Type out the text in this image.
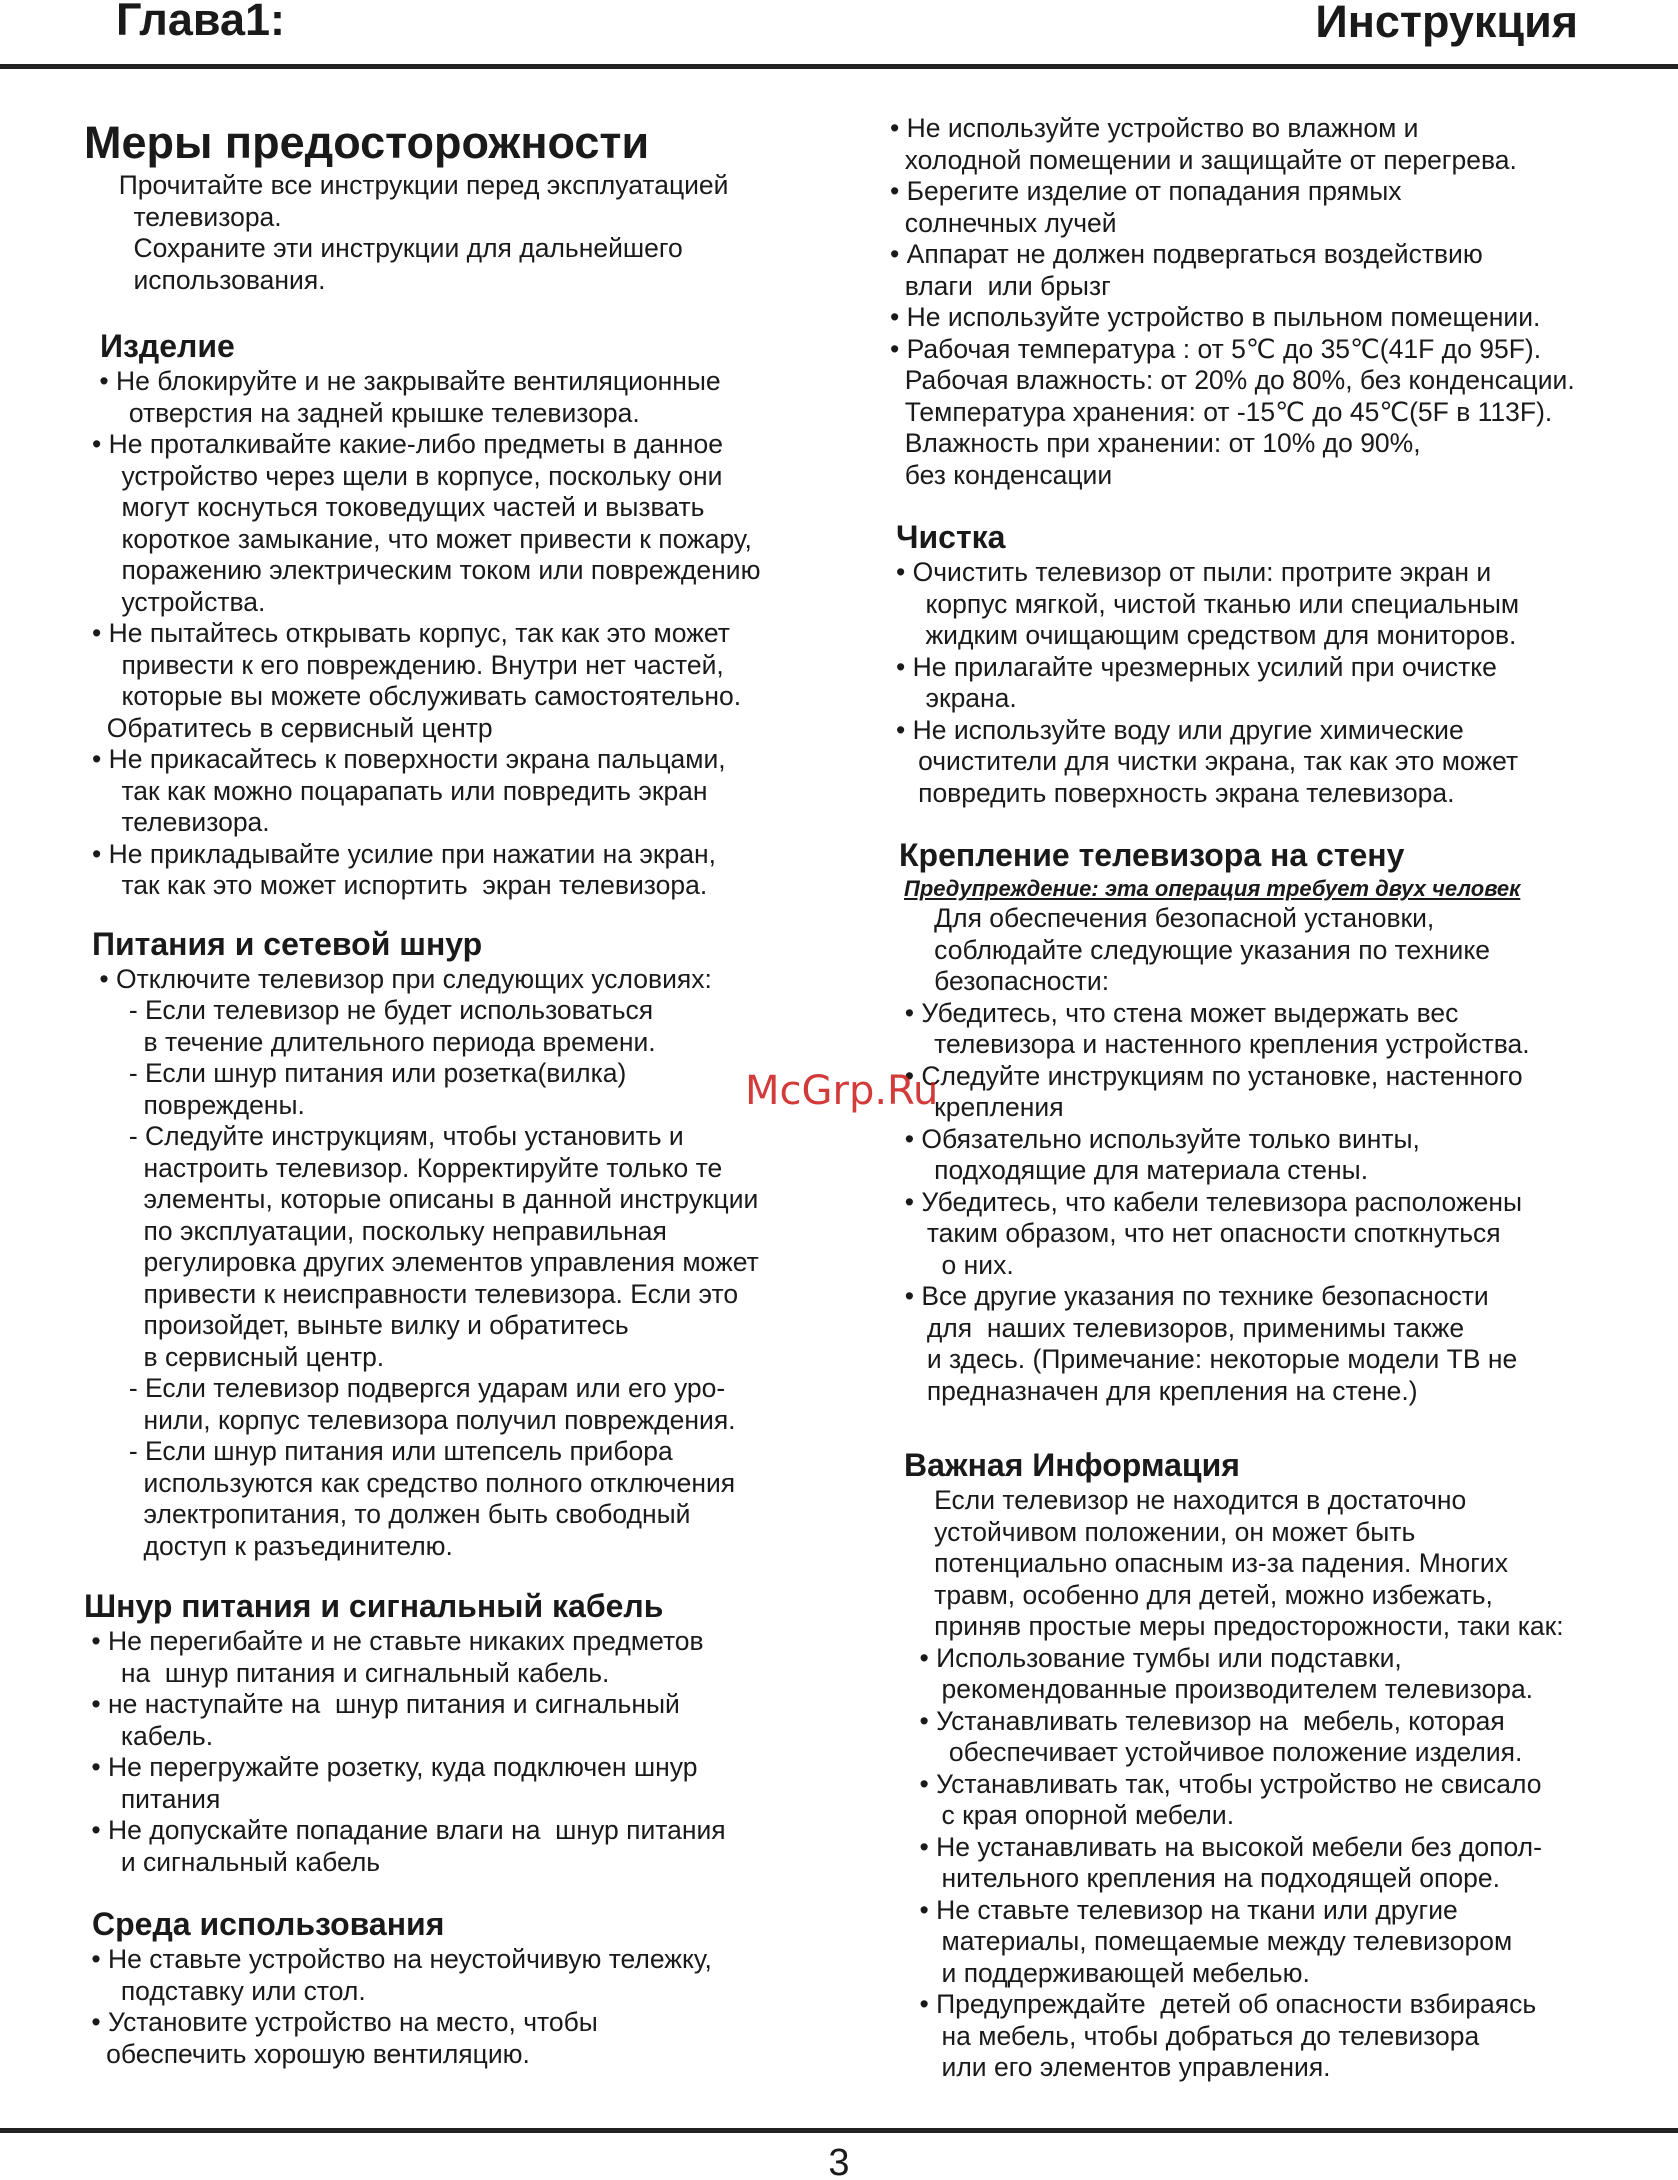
Глава1:	Инструкция
Меры предосторожности
Прочитайте все инструкции перед эксплуатацией
телевизора.
Сохраните эти инструкции для дальнейшего
использования.
Изделие
• Не блокируйте и не закрывайте вентиляционные
отверстия на задней крышке телевизора.
• Не проталкивайте какие-либо предметы в данное
устройство через щели в корпусе, поскольку они
могут коснуться токоведущих частей и вызвать
короткое замыкание, что может привести к пожару,
поражению электрическим током или повреждению
устройства.
• Не пытайтесь открывать корпус, так как это может
привести к его повреждению. Внутри нет частей,
которые вы можете обслуживать самостоятельно.
Обратитесь в сервисный центр
• Не прикасайтесь к поверхности экрана пальцами,
так как можно поцарапать или повредить экран
телевизора.
• Не прикладывайте усилие при нажатии на экран,
так как это может испортить  экран телевизора.
Питания и сетевой шнур
• Отключите телевизор при следующих условиях:
- Если телевизор не будет использоваться
в течение длительного периода времени.
- Если шнур питания или розетка(вилка)
повреждены.
- Следуйте инструкциям, чтобы установить и
настроить телевизор. Корректируйте только те
элементы, которые описаны в данной инструкции
по эксплуатации, поскольку неправильная
регулировка других элементов управления может
привести к неисправности телевизора. Если это
произойдет, выньте вилку и обратитесь
в сервисный центр.
- Если телевизор подвергся ударам или его уро-
нили, корпус телевизора получил повреждения.
- Если шнур питания или штепсель прибора
используются как средство полного отключения
электропитания, то должен быть свободный
доступ к разъединителю.
Шнур питания и сигнальный кабель
• Не перегибайте и не ставьте никаких предметов
на  шнур питания и сигнальный кабель.
• не наступайте на  шнур питания и сигнальный
кабель.
• Не перегружайте розетку, куда подключен шнур
питания
• Не допускайте попадание влаги на  шнур питания
и сигнальный кабель
Среда использования
• Не ставьте устройство на неустойчивую тележку,
подставку или стол.
• Установите устройство на место, чтобы
обеспечить хорошую вентиляцию.
• Не используйте устройство во влажном и
холодной помещении и защищайте от перегрева.
• Берегите изделие от попадания прямых
солнечных лучей
• Аппарат не должен подвергаться воздействию
влаги  или брызг
• Не используйте устройство в пыльном помещении.
• Рабочая температура : от 5℃ до 35℃(41F до 95F).
Рабочая влажность: от 20% до 80%, без конденсации.
Температура хранения: от -15℃ до 45℃(5F в 113F).
Влажность при хранении: от 10% до 90%,
без конденсации
Чистка
• Очистить телевизор от пыли: протрите экран и
корпус мягкой, чистой тканью или специальным
жидким очищающим средством для мониторов.
• Не прилагайте чрезмерных усилий при очистке
экрана.
• Не используйте воду или другие химические
очистители для чистки экрана, так как это может
повредить поверхность экрана телевизора.
Крепление телевизора на стену
Предупреждение: эта операция требует двух человек
Для обеспечения безопасной установки,
соблюдайте следующие указания по технике
безопасности:
• Убедитесь, что стена может выдержать вес
телевизора и настенного крепления устройства.
• Следуйте инструкциям по установке, настенного
крепления
• Обязательно используйте только винты,
подходящие для материала стены.
• Убедитесь, что кабели телевизора расположены
таким образом, что нет опасности споткнуться
о них.
• Все другие указания по технике безопасности
для  наших телевизоров, применимы также
и здесь. (Примечание: некоторые модели ТВ не
предназначен для крепления на стене.)
Важная Информация
Если телевизор не находится в достаточно
устойчивом положении, он может быть
потенциально опасным из-за падения. Многих
травм, особенно для детей, можно избежать,
приняв простые меры предосторожности, таки как:
• Использование тумбы или подставки,
рекомендованные производителем телевизора.
• Устанавливать телевизор на  мебель, которая
обеспечивает устойчивое положение изделия.
• Устанавливать так, чтобы устройство не свисало
с края опорной мебели.
• Не устанавливать на высокой мебели без допол-
нительного крепления на подходящей опоре.
• Не ставьте телевизор на ткани или другие
материалы, помещаемые между телевизором
и поддерживающей мебелью.
• Предупреждайте  детей об опасности взбираясь
на мебель, чтобы добраться до телевизора
или его элементов управления.
McGrp.Ru
3
